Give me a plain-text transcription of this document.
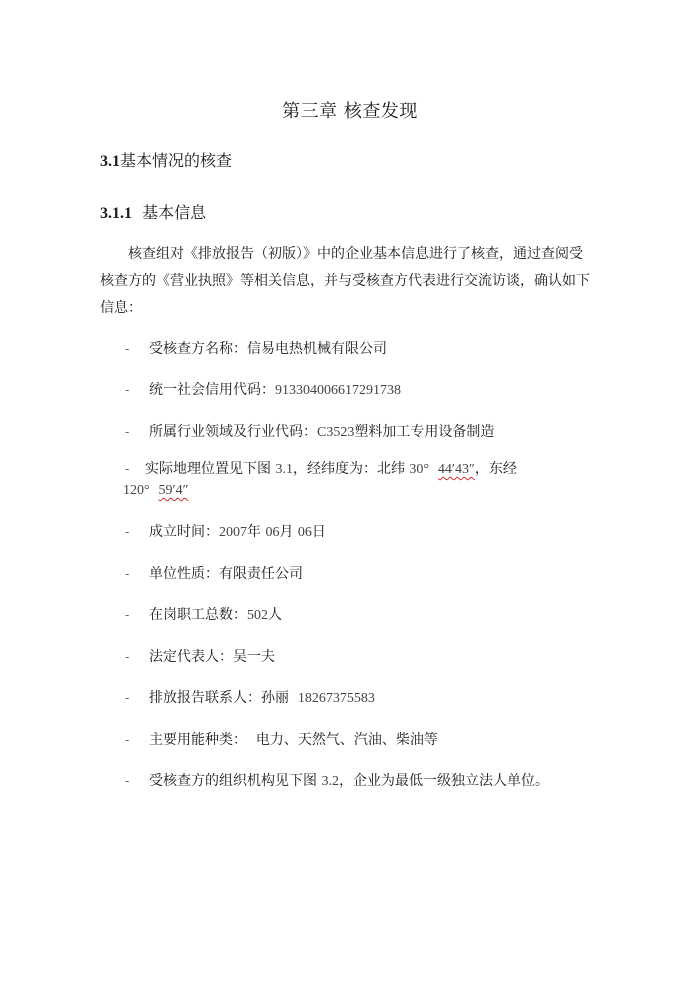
第三章 核查发现
3.1基本情况的核查
3.1.1 基本信息
核查组对《排放报告（初版）》中的企业基本信息进行了核查，通过查阅受
核查方的《营业执照》等相关信息，并与受核查方代表进行交流访谈，确认如下
信息：
- 受核查方名称：信易电热机械有限公司
- 统一社会信用代码：913304006617291738
- 所属行业领域及行业代码：C3523塑料加工专用设备制造
- 实际地理位置见下图 3.1，经纬度为：北纬 30° 44′43″，东经
120° 59′4″
- 成立时间：2007年 06月 06日
- 单位性质：有限责任公司
- 在岗职工总数：502人
- 法定代表人：吴一夫
- 排放报告联系人：孙丽 18267375583
- 主要用能种类： 电力、天然气、汽油、柴油等
- 受核查方的组织机构见下图 3.2，企业为最低一级独立法人单位。
